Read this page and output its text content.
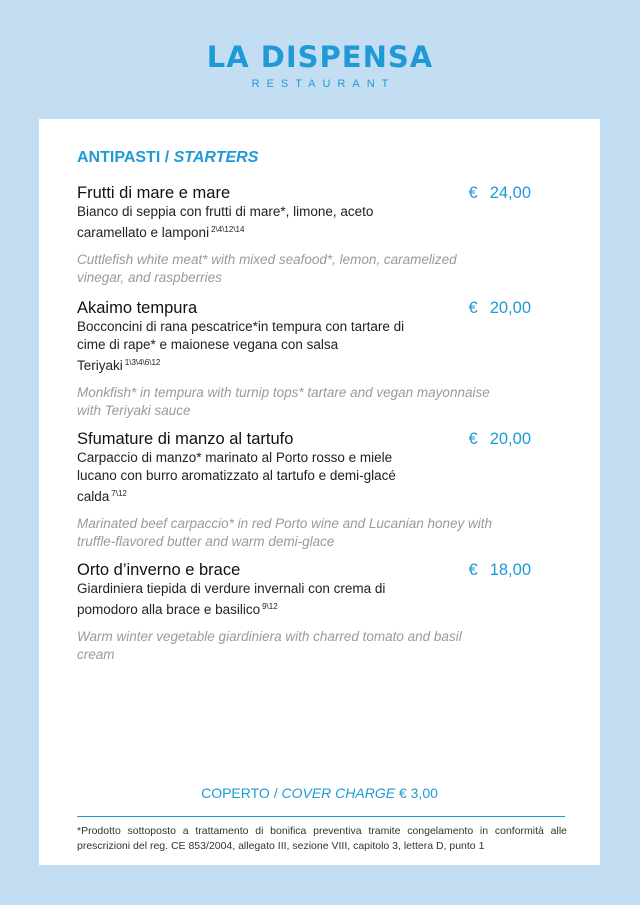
LA DISPENSA
RESTAURANT
ANTIPASTI / STARTERS
Frutti di mare e mare
Bianco di seppia con frutti di mare*, limone, aceto caramellato e lamponi $^{2\backslash 4\backslash 12\backslash 14}$
Cuttlefish white meat* with mixed seafood*, lemon, caramelized vinegar, and raspberries
€ 24,00
Akaimo tempura
Bocconcini di rana pescatrice*in tempura con tartare di cime di rape* e maionese vegana con salsa Teriyaki $^{1\backslash 3\backslash 4\backslash 6\backslash 12}$
Monkfish* in tempura with turnip tops* tartare and vegan mayonnaise with Teriyaki sauce
€ 20,00
Sfumature di manzo al tartufo
Carpaccio di manzo* marinato al Porto rosso e miele lucano con burro aromatizzato al tartufo e demi-glacé calda $^{7\backslash 12}$
Marinated beef carpaccio* in red Porto wine and Lucanian honey with truffle-flavored butter and warm demi-glace
€ 20,00
Orto d’inverno e brace
Giardiniera tiepida di verdure invernali con crema di pomodoro alla brace e basilico $^{9\backslash 12}$
Warm winter vegetable giardiniera with charred tomato and basil cream
€ 18,00
COPERTO / COVER CHARGE € 3,00
*Prodotto sottoposto a trattamento di bonifica preventiva tramite congelamento in conformità alle prescrizioni del reg. CE 853/2004, allegato III, sezione VIII, capitolo 3, lettera D, punto 1
